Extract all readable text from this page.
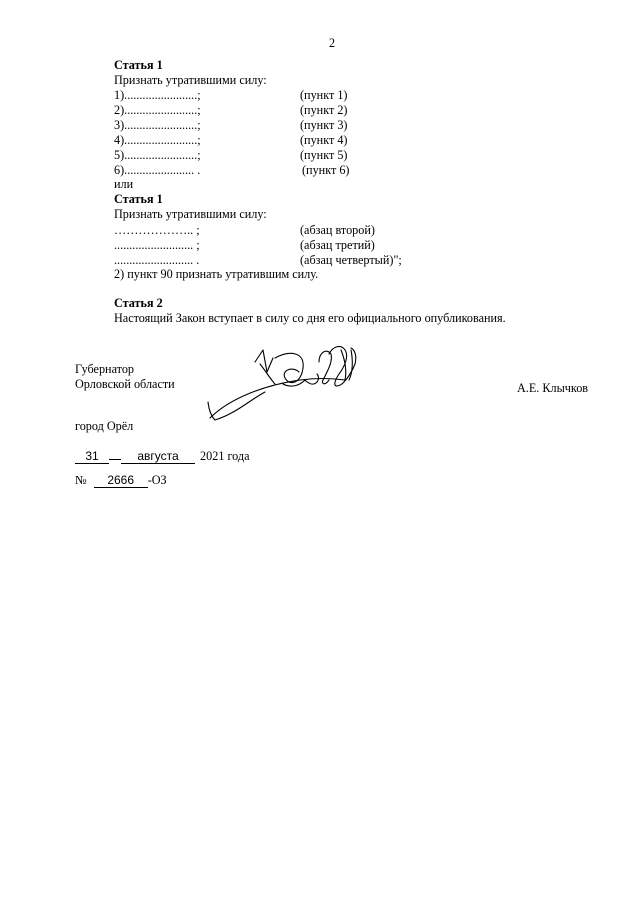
2
Статья 1
Признать утратившими силу:
1)........................;	(пункт 1)
2)........................;	(пункт 2)
3)........................;	(пункт 3)
4)........................;	(пункт 4)
5)........................;	(пункт 5)
6)....................... .	(пункт 6)
или
Статья 1
Признать утратившими силу:
……………….. ;	(абзац второй)
.......................... ;	(абзац третий)
.......................... .	(абзац четвертый)";
2) пункт 90 признать утратившим силу.
Статья 2
Настоящий Закон вступает в силу со дня его официального опубликования.
Губернатор
Орловской области	А.Е. Клычков
город Орёл
31	августа 2021 года
№ 2666 -ОЗ
